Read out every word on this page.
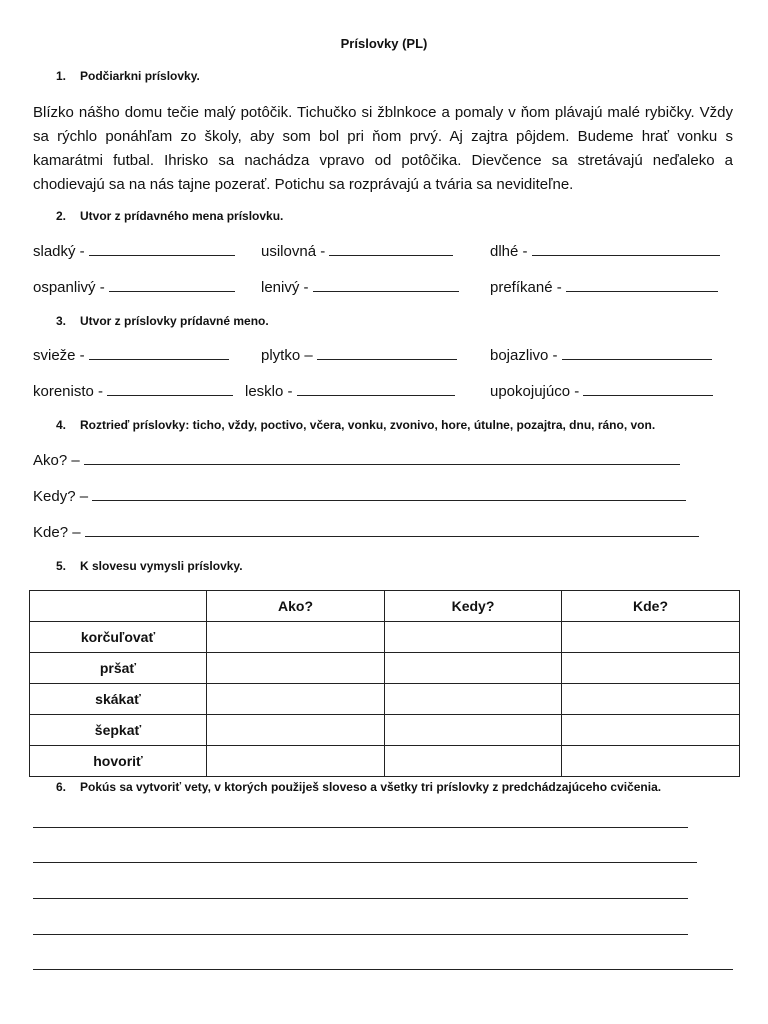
Príslovky (PL)
1. Podčiarkni príslovky.

Blízko nášho domu tečie malý potôčik. Tichučko si žblnkoce a pomaly v ňom plávajú malé rybičky. Vždy sa rýchlo ponáhľam zo školy, aby som bol pri ňom prvý. Aj zajtra pôjdem. Budeme hrať vonku s kamarátmi futbal. Ihrisko sa nachádza vpravo od potôčika. Dievčence sa stretávajú neďaleko a chodievajú sa na nás tajne pozerať. Potichu sa rozprávajú a tvária sa neviditeľne.

2. Utvor z prídavného mena príslovku.
sladký -	usilovná -	dlhé -
ospanlivý -	lenivý -	prefíkané -
3. Utvor z príslovky prídavné meno.
svieže -	plytko –	bojazlivo -
korenisto -	lesklo -	upokojujúco -
4. Roztrieď príslovky: ticho, vždy, poctivo, včera, vonku, zvonivo, hore, útulne, pozajtra, dnu, ráno, von.
Ako? –
Kedy? –
Kde? –
5. K slovesu vymysli príslovky.
	Ako?	Kedy?	Kde?
korčuľovať			
pršať			
skákať			
šepkať			
hovoriť			
6. Pokús sa vytvoriť vety, v ktorých použiješ sloveso a všetky tri príslovky z predchádzajúceho cvičenia.
